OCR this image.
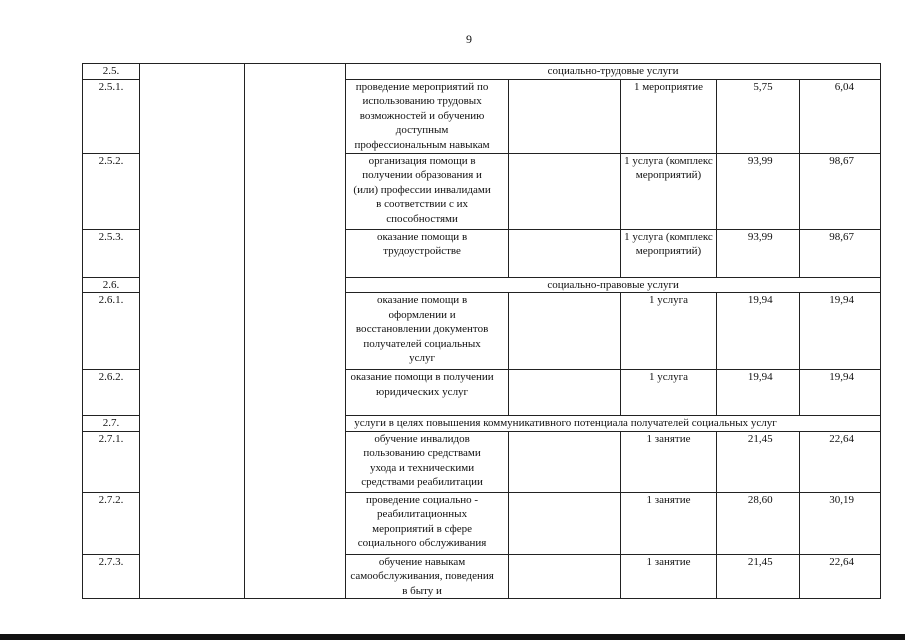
9
2.5.			социально-трудовые услуги				
2.5.1.			проведение мероприятий по использованию трудовых возможностей и обучению доступным профессиональным навыкам		1 мероприятие	5,75	6,04
2.5.2.			организация помощи в получении образования и (или) профессии инвалидами в соответствии с их способностями		1 услуга (комплекс мероприятий)	93,99	98,67
2.5.3.			оказание помощи в трудоустройстве		1 услуга (комплекс мероприятий)	93,99	98,67
2.6.			социально-правовые услуги				
2.6.1.			оказание помощи в оформлении и восстановлении документов получателей социальных услуг		1 услуга	19,94	19,94
2.6.2.			оказание помощи в получении юридических услуг		1 услуга	19,94	19,94
2.7.			услуги в целях повышения коммуникативного потенциала получателей социальных услуг				
2.7.1.			обучение инвалидов пользованию средствами ухода и техническими средствами реабилитации		1 занятие	21,45	22,64
2.7.2.			проведение социально - реабилитационных мероприятий в сфере социального обслуживания		1 занятие	28,60	30,19
2.7.3.			обучение навыкам самообслуживания, поведения в быту и		1 занятие	21,45	22,64
